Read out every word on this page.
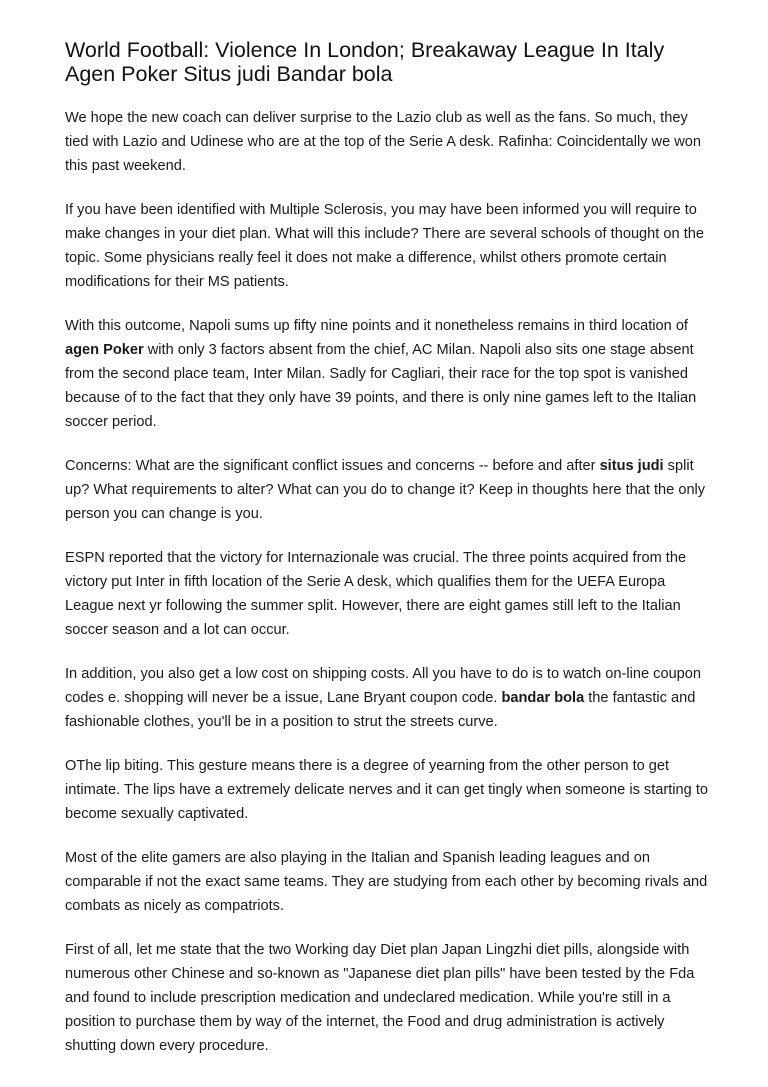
World Football: Violence In London; Breakaway League In Italy Agen Poker Situs judi Bandar bola

We hope the new coach can deliver surprise to the Lazio club as well as the fans. So much, they tied with Lazio and Udinese who are at the top of the Serie A desk. Rafinha: Coincidentally we won this past weekend.

If you have been identified with Multiple Sclerosis, you may have been informed you will require to make changes in your diet plan. What will this include? There are several schools of thought on the topic. Some physicians really feel it does not make a difference, whilst others promote certain modifications for their MS patients.

With this outcome, Napoli sums up fifty nine points and it nonetheless remains in third location of agen Poker with only 3 factors absent from the chief, AC Milan. Napoli also sits one stage absent from the second place team, Inter Milan. Sadly for Cagliari, their race for the top spot is vanished because of to the fact that they only have 39 points, and there is only nine games left to the Italian soccer period.

Concerns: What are the significant conflict issues and concerns -- before and after situs judi split up? What requirements to alter? What can you do to change it? Keep in thoughts here that the only person you can change is you.

ESPN reported that the victory for Internazionale was crucial. The three points acquired from the victory put Inter in fifth location of the Serie A desk, which qualifies them for the UEFA Europa League next yr following the summer split. However, there are eight games still left to the Italian soccer season and a lot can occur.

In addition, you also get a low cost on shipping costs. All you have to do is to watch on-line coupon codes e. shopping will never be a issue, Lane Bryant coupon code. bandar bola the fantastic and fashionable clothes, you'll be in a position to strut the streets curve.

OThe lip biting. This gesture means there is a degree of yearning from the other person to get intimate. The lips have a extremely delicate nerves and it can get tingly when someone is starting to become sexually captivated.

Most of the elite gamers are also playing in the Italian and Spanish leading leagues and on comparable if not the exact same teams. They are studying from each other by becoming rivals and combats as nicely as compatriots.

First of all, let me state that the two Working day Diet plan Japan Lingzhi diet pills, alongside with numerous other Chinese and so-known as "Japanese diet plan pills" have been tested by the Fda and found to include prescription medication and undeclared medication. While you're still in a position to purchase them by way of the internet, the Food and drug administration is actively shutting down every procedure.
